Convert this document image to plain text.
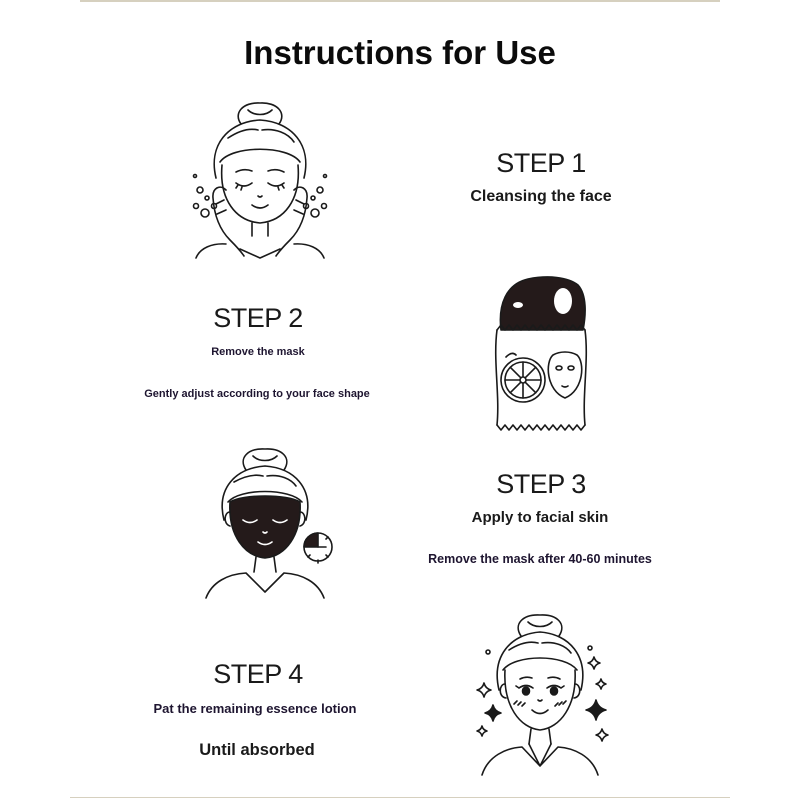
Instructions for Use
STEP 1
Cleansing the face
STEP 2
Remove the mask
Gently adjust according to your face shape
STEP 3
Apply to facial skin
Remove the mask after 40-60 minutes
STEP 4
Pat the remaining essence lotion
Until absorbed
